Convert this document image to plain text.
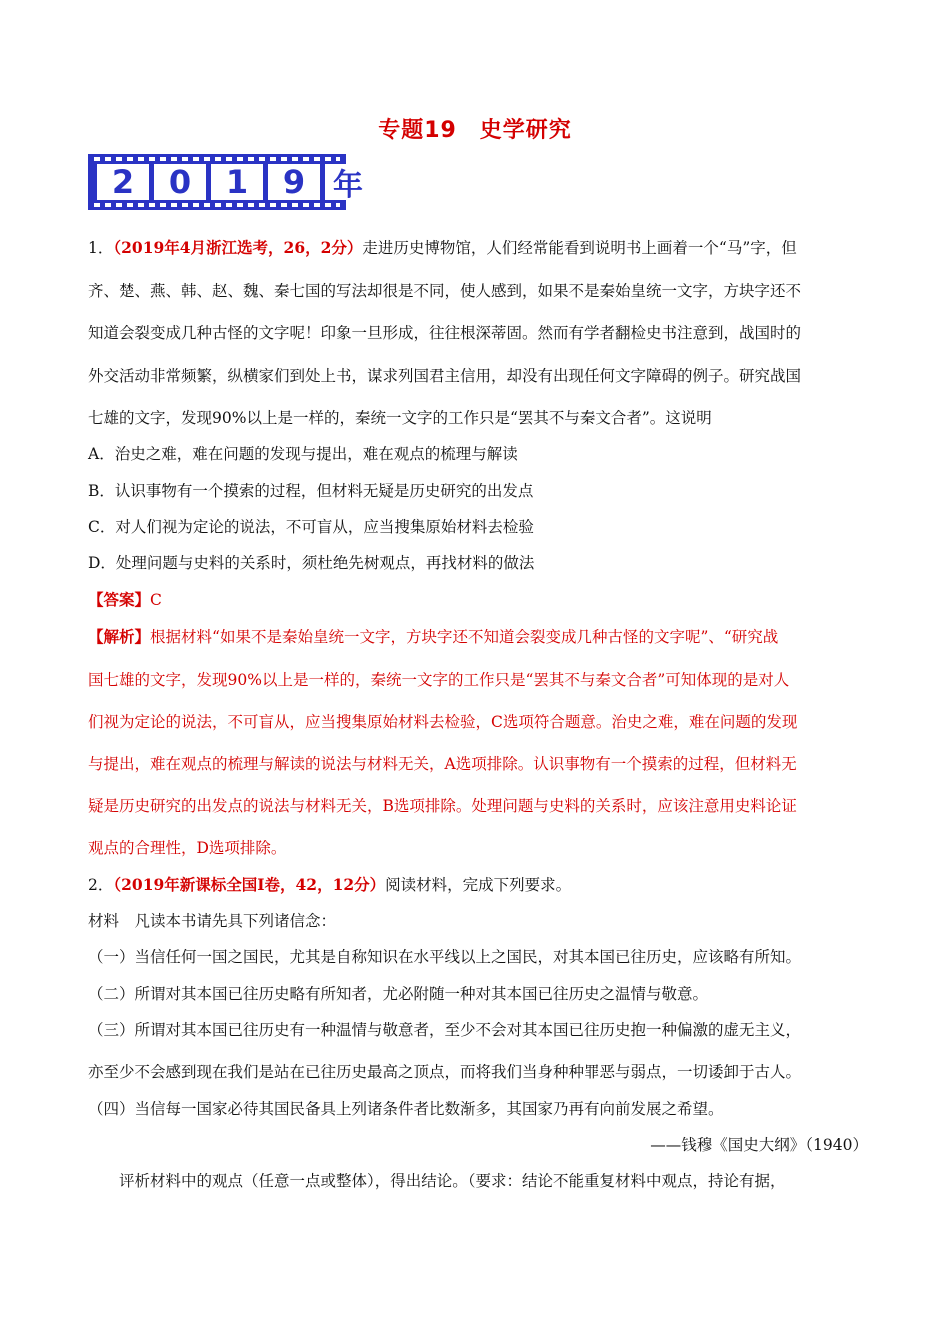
专题19　史学研究
2	0	1	9 年
1．（2019年4月浙江选考，26，2分）走进历史博物馆，人们经常能看到说明书上画着一个“马”字，但
齐、楚、燕、韩、赵、魏、秦七国的写法却很是不同，使人感到，如果不是秦始皇统一文字，方块字还不
知道会裂变成几种古怪的文字呢！印象一旦形成，往往根深蒂固。然而有学者翻检史书注意到，战国时的
外交活动非常频繁，纵横家们到处上书，谋求列国君主信用，却没有出现任何文字障碍的例子。研究战国
七雄的文字，发现90%以上是一样的，秦统一文字的工作只是“罢其不与秦文合者”。这说明
A．治史之难，难在问题的发现与提出，难在观点的梳理与解读
B．认识事物有一个摸索的过程，但材料无疑是历史研究的出发点
C．对人们视为定论的说法，不可盲从，应当搜集原始材料去检验
D．处理问题与史料的关系时，须杜绝先树观点，再找材料的做法
【答案】C
【解析】根据材料“如果不是秦始皇统一文字，方块字还不知道会裂变成几种古怪的文字呢”、“研究战
国七雄的文字，发现90%以上是一样的，秦统一文字的工作只是“罢其不与秦文合者”可知体现的是对人
们视为定论的说法，不可盲从，应当搜集原始材料去检验，C选项符合题意。治史之难，难在问题的发现
与提出，难在观点的梳理与解读的说法与材料无关，A选项排除。认识事物有一个摸索的过程，但材料无
疑是历史研究的出发点的说法与材料无关，B选项排除。处理问题与史料的关系时，应该注意用史料论证
观点的合理性，D选项排除。
2．（2019年新课标全国Ⅰ卷，42，12分）阅读材料，完成下列要求。
材料　凡读本书请先具下列诸信念：
（一）当信任何一国之国民，尤其是自称知识在水平线以上之国民，对其本国已往历史，应该略有所知。
（二）所谓对其本国已往历史略有所知者，尤必附随一种对其本国已往历史之温情与敬意。
（三）所谓对其本国已往历史有一种温情与敬意者，至少不会对其本国已往历史抱一种偏激的虚无主义，
亦至少不会感到现在我们是站在已往历史最高之顶点，而将我们当身种种罪恶与弱点，一切诿卸于古人。
（四）当信每一国家必待其国民备具上列诸条件者比数渐多，其国家乃再有向前发展之希望。
——钱穆《国史大纲》（1940）
　　评析材料中的观点（任意一点或整体），得出结论。（要求：结论不能重复材料中观点，持论有据，
